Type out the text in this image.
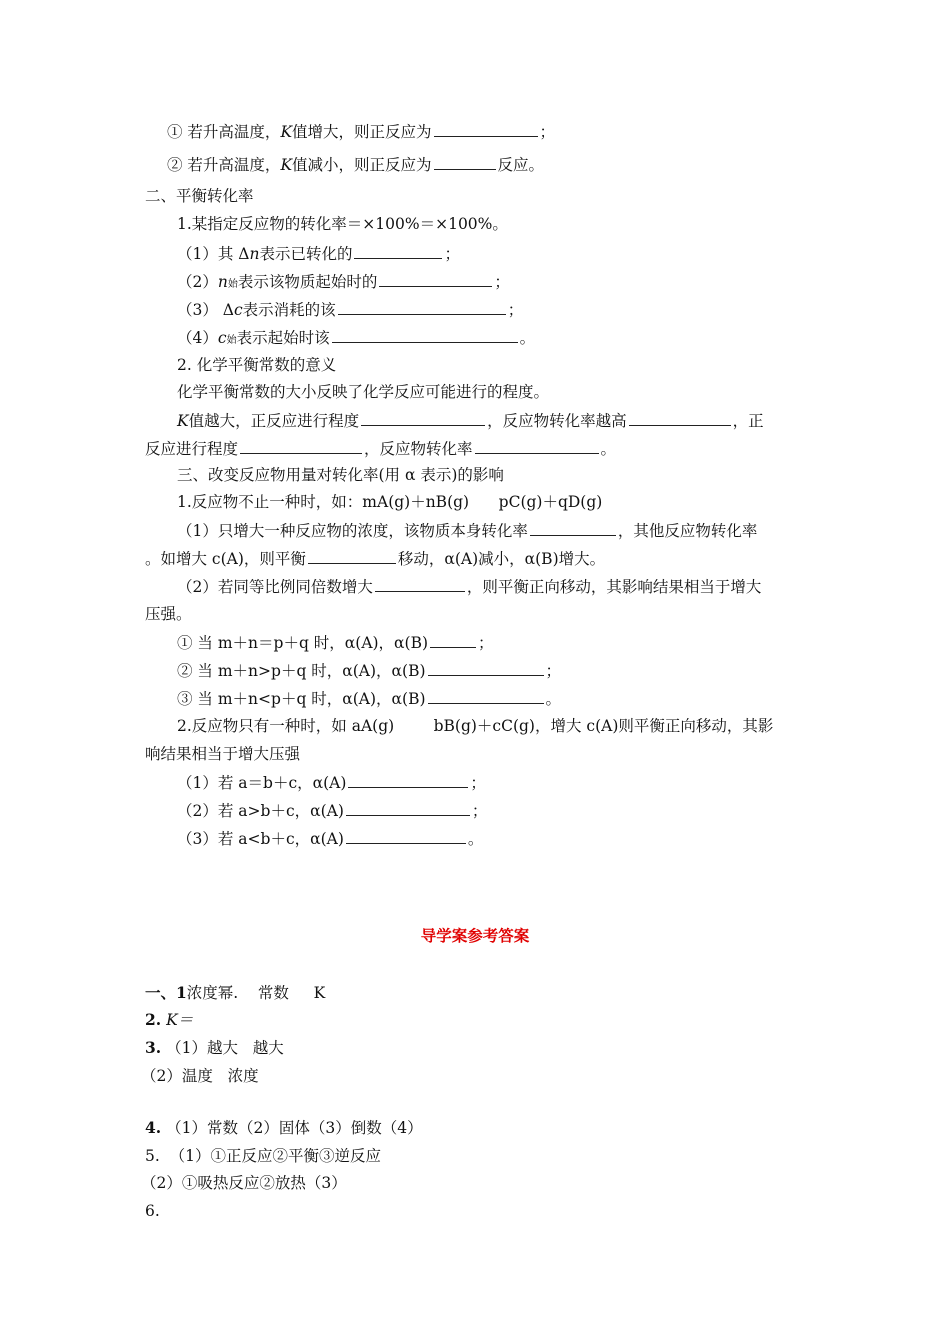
① 若升高温度，K值增大，则正反应为	；
② 若升高温度，K值减小，则正反应为	反应。
二、平衡转化率
1.某指定反应物的转化率＝×100%＝×100%。
（1）其 Δn表示已转化的	；
（2）n始表示该物质起始时的	；
（3） Δc表示消耗的该	；
（4）c始表示起始时该	。
2. 化学平衡常数的意义
化学平衡常数的大小反映了化学反应可能进行的程度。
K值越大，正反应进行程度	，反应物转化率越高	，正
反应进行程度	，反应物转化率	。
三、改变反应物用量对转化率(用 α 表示)的影响
1.反应物不止一种时，如：mA(g)＋nB(g)      pC(g)＋qD(g)
（1）只增大一种反应物的浓度，该物质本身转化率	，其他反应物转化率
。如增大 c(A)，则平衡	移动，α(A)减小，α(B)增大。
（2）若同等比例同倍数增大	，则平衡正向移动，其影响结果相当于增大
压强。
① 当 m＋n＝p＋q 时，α(A)，α(B)	；
② 当 m＋n>p＋q 时，α(A)，α(B)	；
③ 当 m＋n<p＋q 时，α(A)，α(B)	。
2.反应物只有一种时，如 aA(g)        bB(g)＋cC(g)，增大 c(A)则平衡正向移动，其影
响结果相当于增大压强
（1）若 a＝b＋c，α(A)	；
（2）若 a>b＋c，α(A)	；
（3）若 a<b＋c，α(A)	。
导学案参考答案
一、1浓度幂.    常数     K
2. K＝
3. （1）越大   越大
（2）温度   浓度
4. （1）常数（2）固体（3）倒数（4）
5.  （1）①正反应②平衡③逆反应
（2）①吸热反应②放热（3）
6.
